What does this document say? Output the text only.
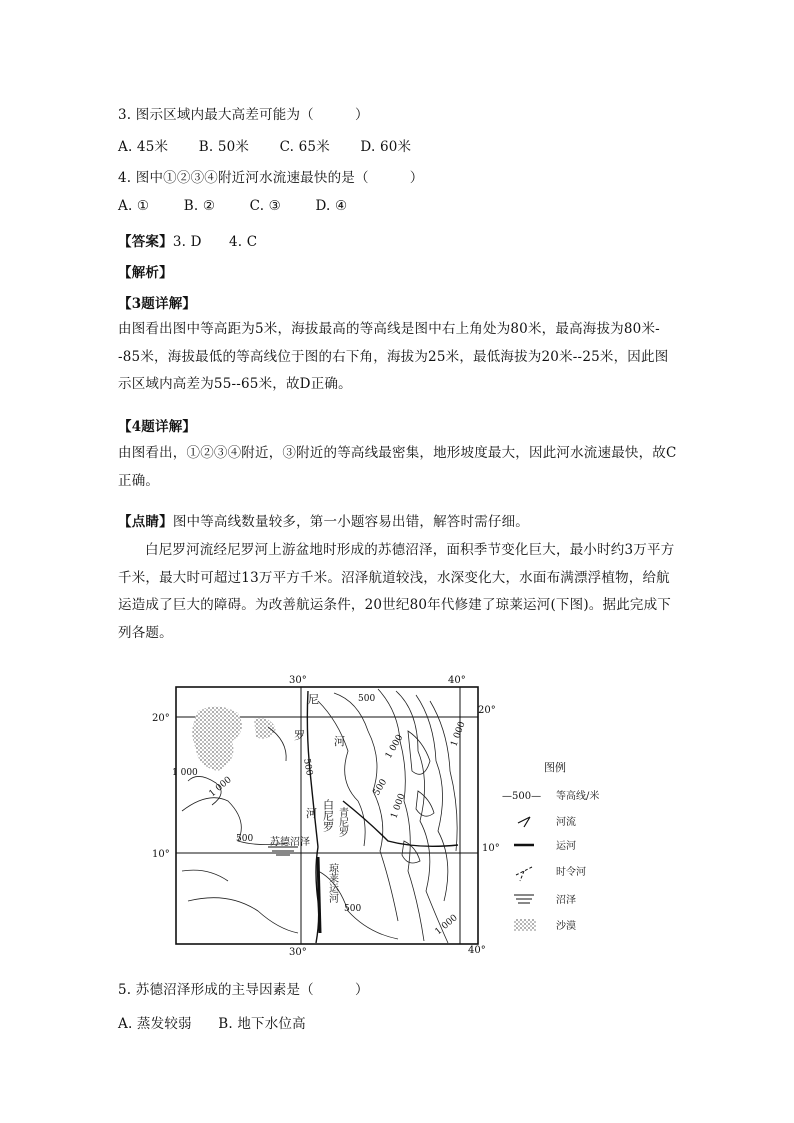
3. 图示区域内最大高差可能为（　　　）
A. 45米 B. 50米 C. 65米 D. 60米
4. 图中①②③④附近河水流速最快的是（　　　）
A. ①	B. ②	C. ③	D. ④
【答案】3. D　　4. C
【解析】
【3题详解】
由图看出图中等高距为5米，海拔最高的等高线是图中右上角处为80米，最高海拔为80米--85米，海拔最低的等高线位于图的右下角，海拔为25米，最低海拔为20米--25米，因此图示区域内高差为55--65米，故D正确。
【4题详解】
由图看出，①②③④附近，③附近的等高线最密集，地形坡度最大，因此河水流速最快，故C正确。
【点睛】图中等高线数量较多，第一小题容易出错，解答时需仔细。
白尼罗河流经尼罗河上游盆地时形成的苏德沼泽，面积季节变化巨大，最小时约3万平方千米，最大时可超过13万平方千米。沼泽航道较浅，水深变化大，水面布满漂浮植物，给航运造成了巨大的障碍。为改善航运条件，20世纪80年代修建了琼莱运河(下图)。据此完成下列各题。
30°	40°
30°	40°
20°
10°
20°
10°
1 000
1 000
500
500
500
500
1 000
1 000
1 000
1 000
500
尼
罗	河
白尼罗
河 青尼罗
琼莱运河
苏德沼泽
图例
—500— 等高线/米
河流
运河
时令河
沼泽
沙漠
5. 苏德沼泽形成的主导因素是（　　　）
A. 蒸发较弱 B. 地下水位高
